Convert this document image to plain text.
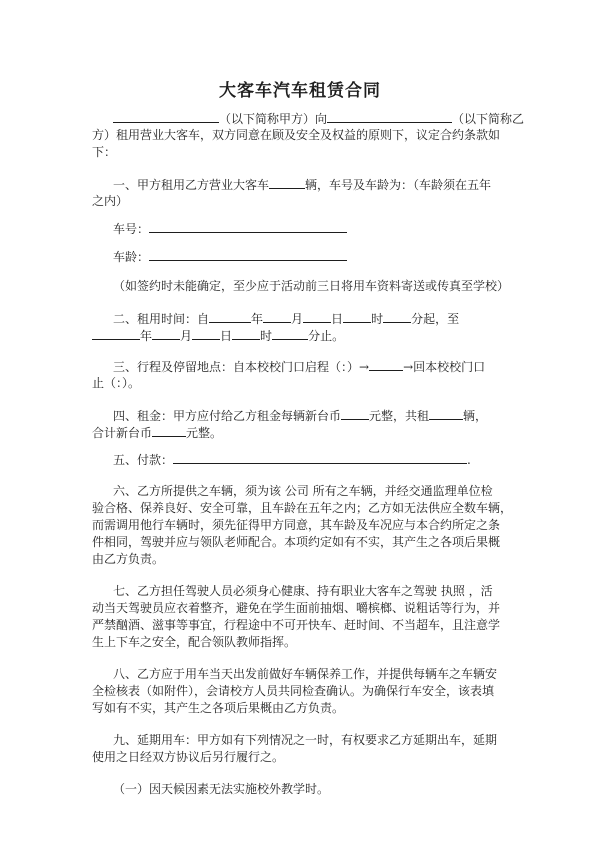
大客车汽车租赁合同
（以下简称甲方）向	（以下简称乙
方）租用营业大客车，双方同意在顾及安全及权益的原则下，议定合约条款如
下：
一、甲方租用乙方营业大客车	辆，车号及车龄为：（车龄须在五年
之内）
车号：
车龄：
（如签约时未能确定，至少应于活动前三日将用车资料寄送或传真至学校）
二、租用时间：自	年 月 日 时 分起，至
年 月 日 时	分止。
三、行程及停留地点：自本校校门口启程（：）→	→回本校校门口
止（：）。
四、租金：甲方应付给乙方租金每辆新台币 元整，共租	辆，
合计新台币	元整。
五、付款：	.
六、乙方所提供之车辆，须为该 公司 所有之车辆，并经交通监理单位检
验合格、保养良好、安全可靠，且车龄在五年之内；乙方如无法供应全数车辆，
而需调用他行车辆时，须先征得甲方同意，其车龄及车况应与本合约所定之条
件相同，驾驶并应与领队老师配合。本项约定如有不实，其产生之各项后果概
由乙方负责。
七、乙方担任驾驶人员必须身心健康、持有职业大客车之驾驶 执照 ，活
动当天驾驶员应衣着整齐，避免在学生面前抽烟、嚼槟榔、说粗话等行为，并
严禁酗酒、滋事等事宜，行程途中不可开快车、赶时间、不当超车，且注意学
生上下车之安全，配合领队教师指挥。
八、乙方应于用车当天出发前做好车辆保养工作，并提供每辆车之车辆安
全检核表（如附件），会请校方人员共同检查确认。为确保行车安全，该表填
写如有不实，其产生之各项后果概由乙方负责。
九、延期用车：甲方如有下列情况之一时，有权要求乙方延期出车，延期
使用之日经双方协议后另行履行之。
（一）因天候因素无法实施校外教学时。
